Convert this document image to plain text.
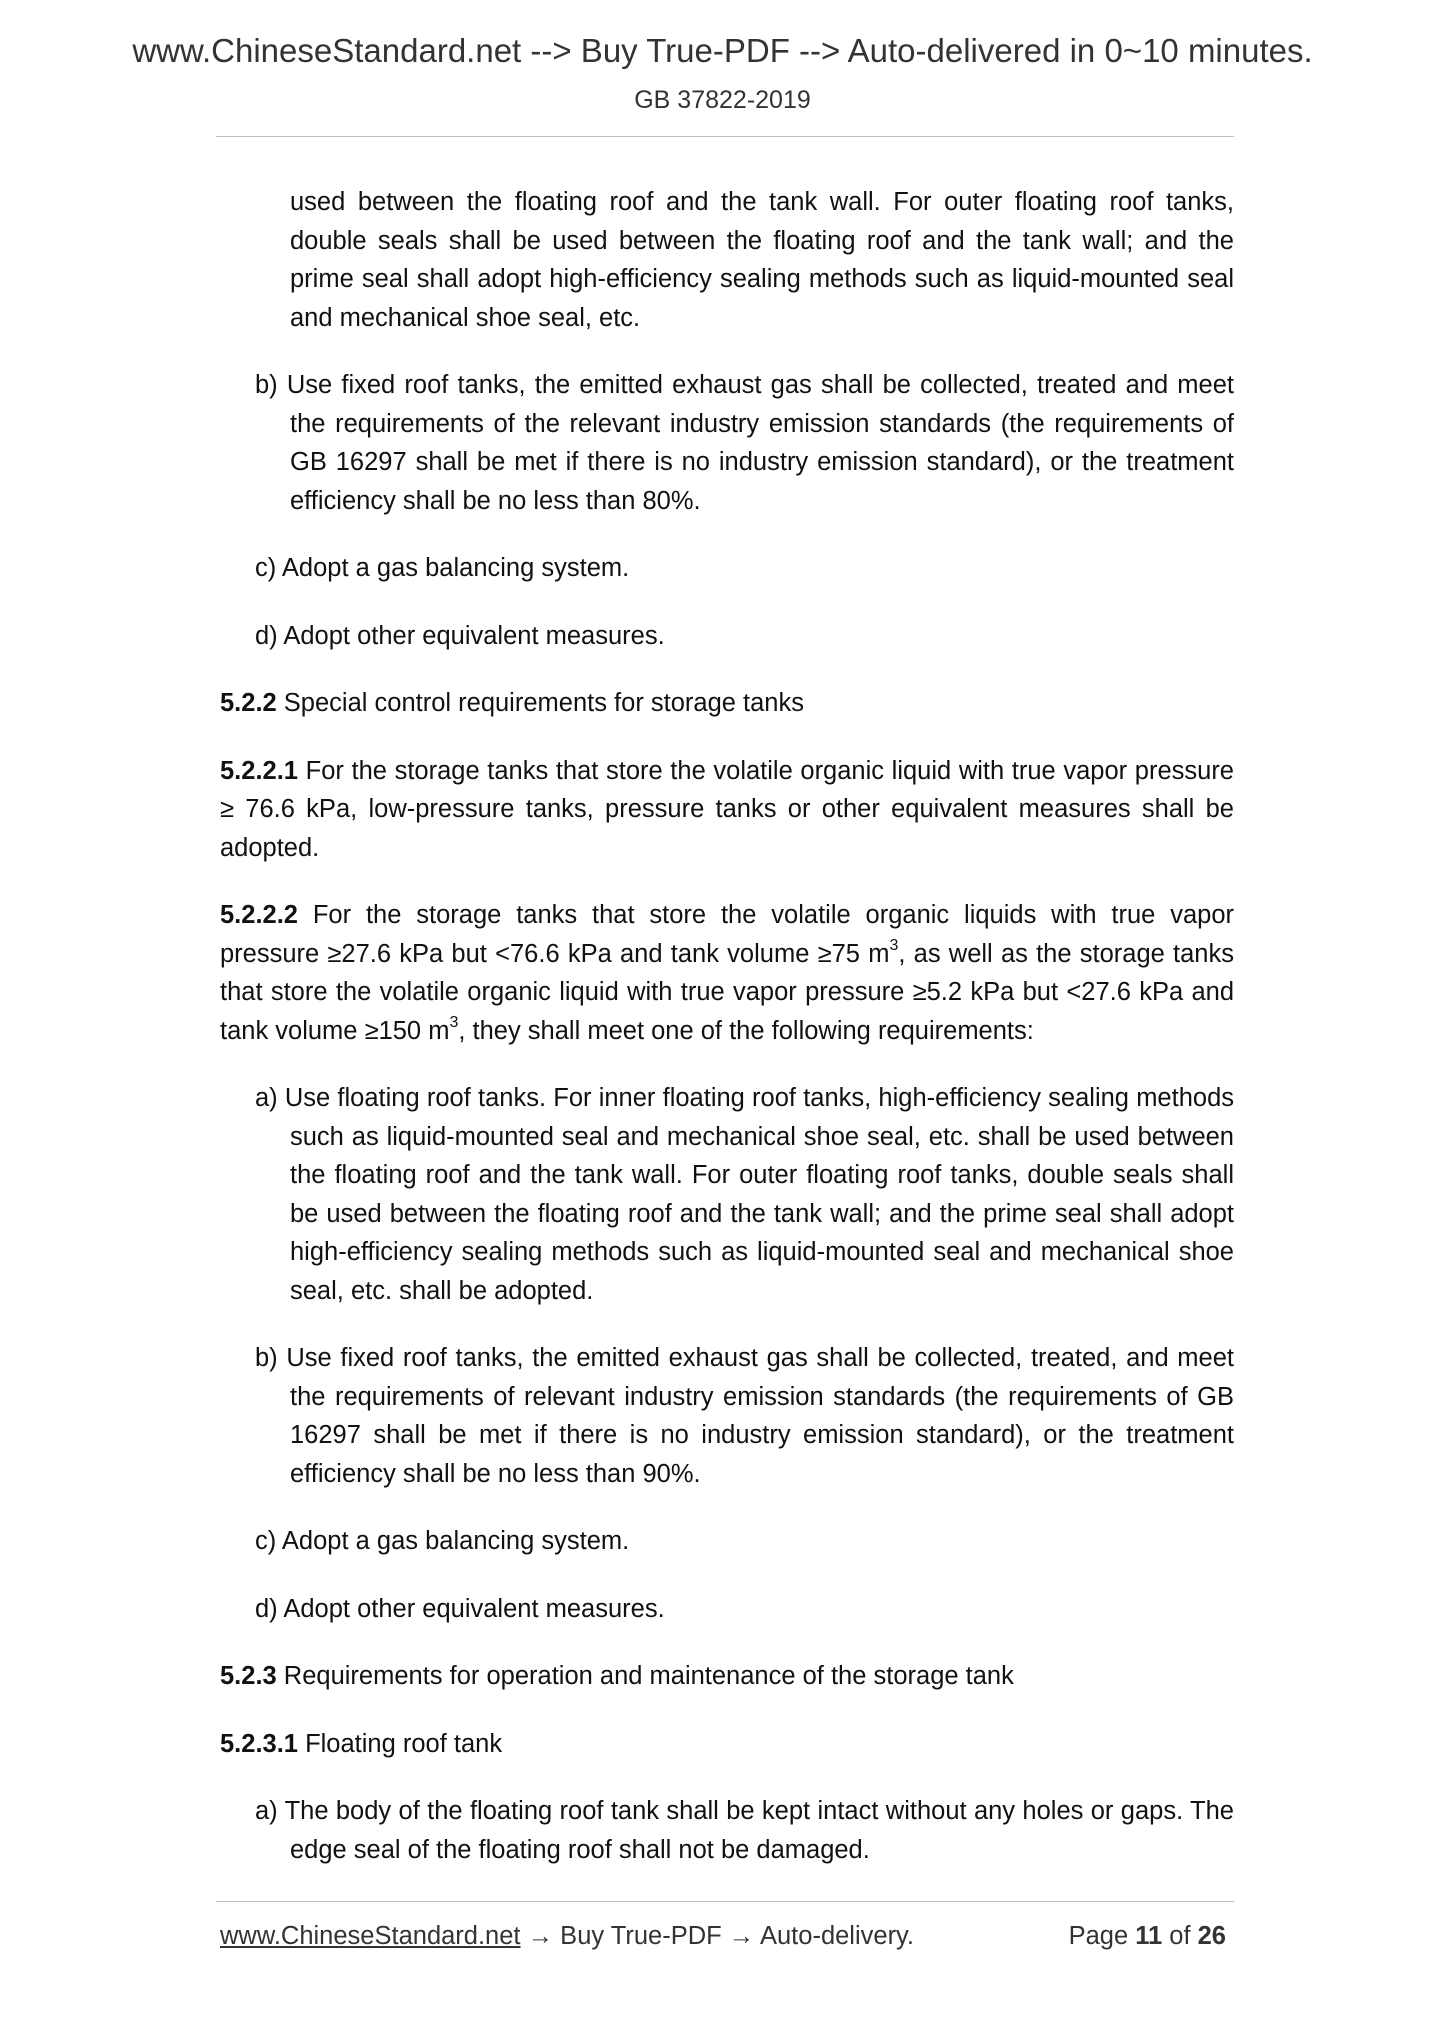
www.ChineseStandard.net --> Buy True-PDF --> Auto-delivered in 0~10 minutes.
GB 37822-2019

used between the floating roof and the tank wall. For outer floating roof tanks, double seals shall be used between the floating roof and the tank wall; and the prime seal shall adopt high-efficiency sealing methods such as liquid-mounted seal and mechanical shoe seal, etc.

b) Use fixed roof tanks, the emitted exhaust gas shall be collected, treated and meet the requirements of the relevant industry emission standards (the requirements of GB 16297 shall be met if there is no industry emission standard), or the treatment efficiency shall be no less than 80%.

c) Adopt a gas balancing system.

d) Adopt other equivalent measures.

5.2.2 Special control requirements for storage tanks

5.2.2.1 For the storage tanks that store the volatile organic liquid with true vapor pressure ≥ 76.6 kPa, low-pressure tanks, pressure tanks or other equivalent measures shall be adopted.

5.2.2.2 For the storage tanks that store the volatile organic liquids with true vapor pressure ≥27.6 kPa but <76.6 kPa and tank volume ≥75 $m^3$, as well as the storage tanks that store the volatile organic liquid with true vapor pressure ≥5.2 kPa but <27.6 kPa and tank volume ≥150 $m^3$, they shall meet one of the following requirements:

a) Use floating roof tanks. For inner floating roof tanks, high-efficiency sealing methods such as liquid-mounted seal and mechanical shoe seal, etc. shall be used between the floating roof and the tank wall. For outer floating roof tanks, double seals shall be used between the floating roof and the tank wall; and the prime seal shall adopt high-efficiency sealing methods such as liquid-mounted seal and mechanical shoe seal, etc. shall be adopted.

b) Use fixed roof tanks, the emitted exhaust gas shall be collected, treated, and meet the requirements of relevant industry emission standards (the requirements of GB 16297 shall be met if there is no industry emission standard), or the treatment efficiency shall be no less than 90%.

c) Adopt a gas balancing system.

d) Adopt other equivalent measures.

5.2.3 Requirements for operation and maintenance of the storage tank

5.2.3.1 Floating roof tank

a) The body of the floating roof tank shall be kept intact without any holes or gaps. The edge seal of the floating roof shall not be damaged.

www.ChineseStandard.net → Buy True-PDF → Auto-delivery.	Page 11 of 26
